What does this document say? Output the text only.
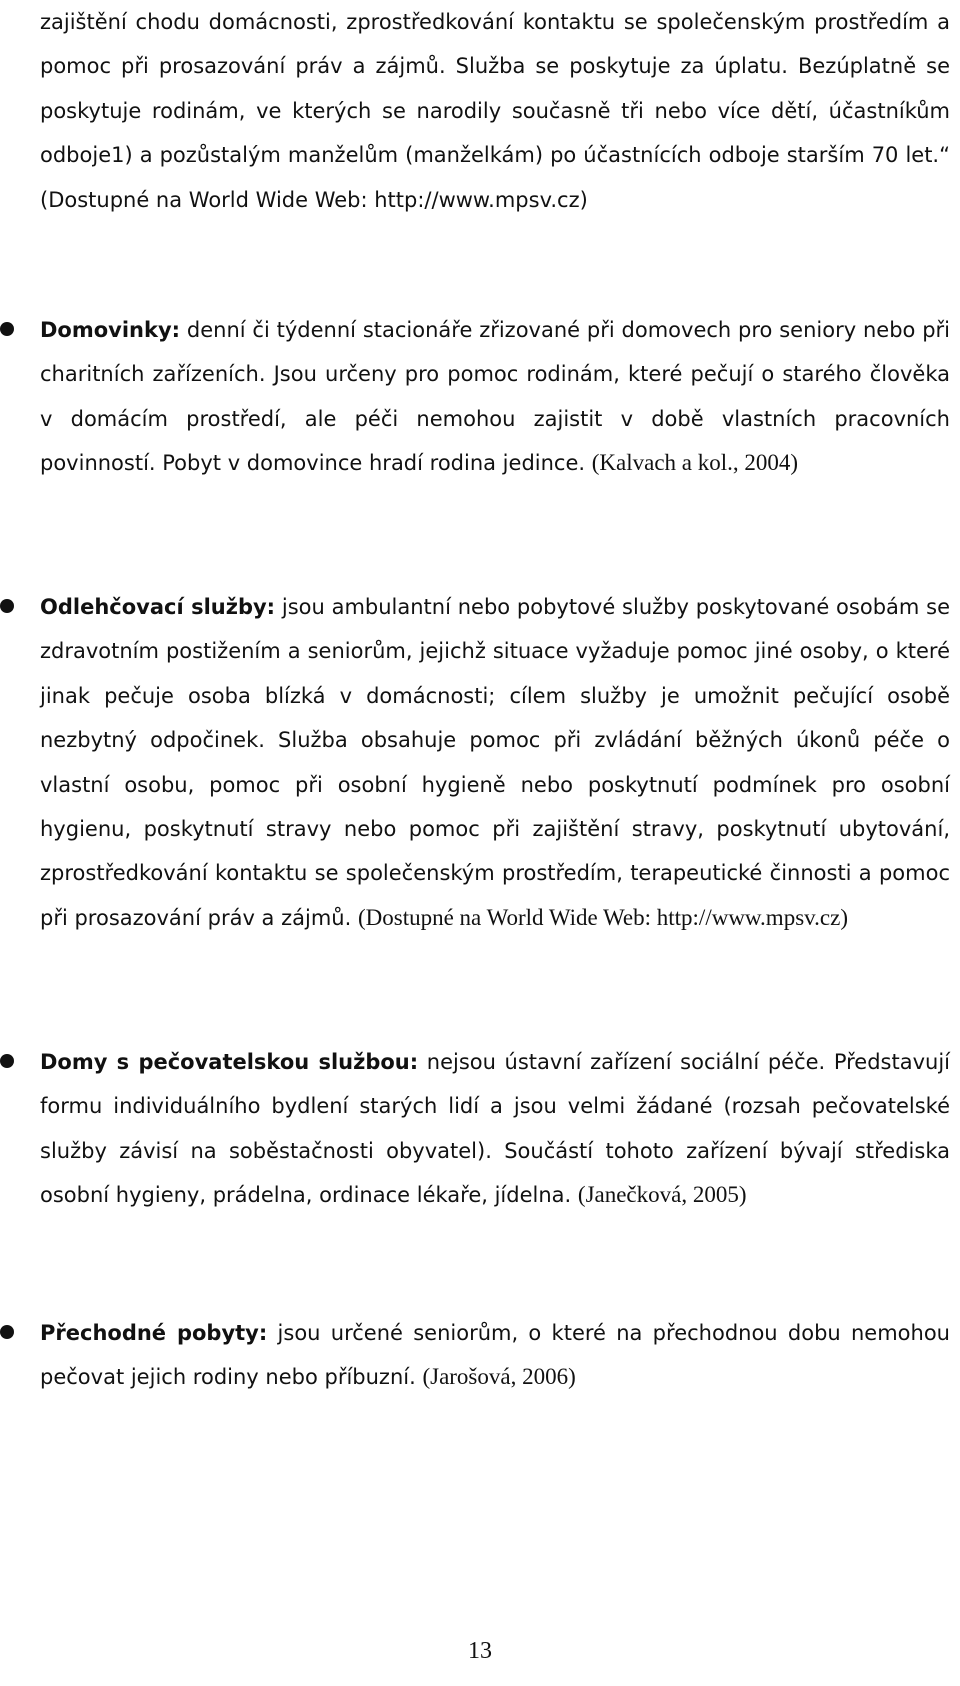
zajištění chodu domácnosti, zprostředkování kontaktu se společenským prostředím a pomoc při prosazování práv a zájmů. Služba se poskytuje za úplatu. Bezúplatně se poskytuje rodinám, ve kterých se narodily současně tři nebo více dětí, účastníkům odboje1) a pozůstalým manželům (manželkám) po účastnících odboje starším 70 let.“ (Dostupné na World Wide Web: http://www.mpsv.cz)
Domovinky: denní či týdenní stacionáře zřizované při domovech pro seniory nebo při charitních zařízeních. Jsou určeny pro pomoc rodinám, které pečují o starého člověka v domácím prostředí, ale péči nemohou zajistit v době vlastních pracovních povinností. Pobyt v domovince hradí rodina jedince. (Kalvach a kol., 2004)
Odlehčovací služby: jsou ambulantní nebo pobytové služby poskytované osobám se zdravotním postižením a seniorům, jejichž situace vyžaduje pomoc jiné osoby, o které jinak pečuje osoba blízká v domácnosti; cílem služby je umožnit pečující osobě nezbytný odpočinek. Služba obsahuje pomoc při zvládání běžných úkonů péče o vlastní osobu, pomoc při osobní hygieně nebo poskytnutí podmínek pro osobní hygienu, poskytnutí stravy nebo pomoc při zajištění stravy, poskytnutí ubytování, zprostředkování kontaktu se společenským prostředím, terapeutické činnosti a pomoc při prosazování práv a zájmů. (Dostupné na World Wide Web: http://www.mpsv.cz)
Domy s pečovatelskou službou: nejsou ústavní zařízení sociální péče. Představují formu individuálního bydlení starých lidí a jsou velmi žádané (rozsah pečovatelské služby závisí na soběstačnosti obyvatel). Součástí tohoto zařízení bývají střediska osobní hygieny, prádelna, ordinace lékaře, jídelna. (Janečková, 2005)
Přechodné pobyty: jsou určené seniorům, o které na přechodnou dobu nemohou pečovat jejich rodiny nebo příbuzní. (Jarošová, 2006)
13
